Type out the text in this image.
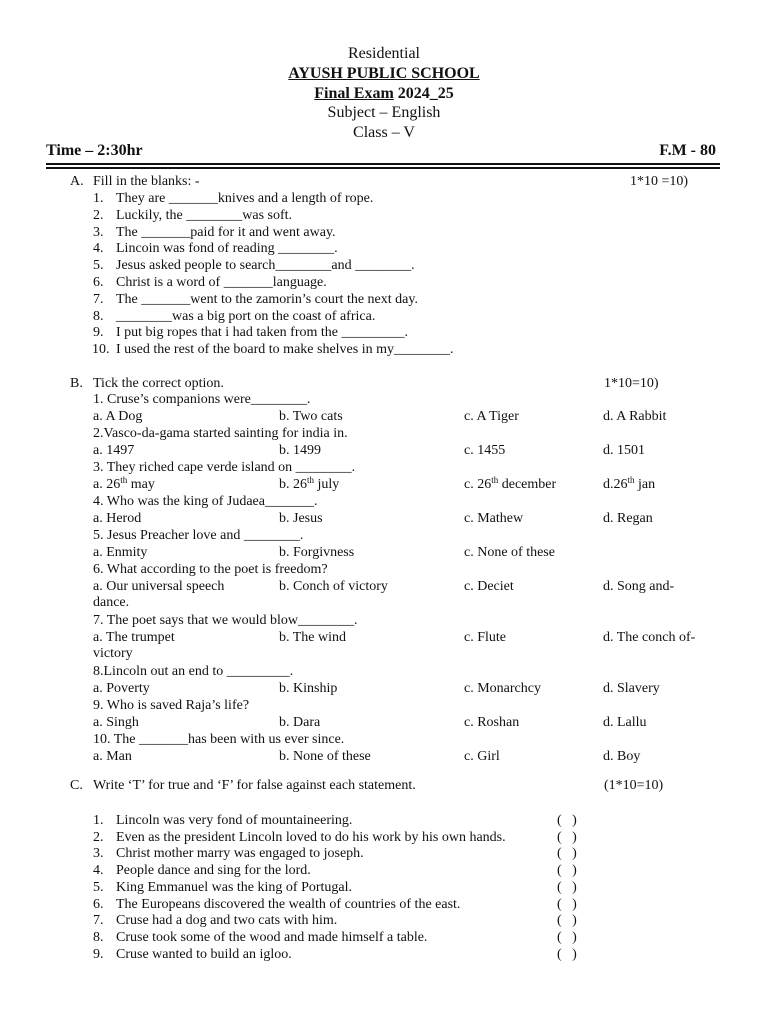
Residential
AYUSH PUBLIC SCHOOL
Final Exam 2024_25
Subject – English
Class – V
Time – 2:30hr	F.M - 80
A. Fill in the blanks: -	1*10 =10)
1. They are _______knives and a length of rope.
2. Luckily, the ________was soft.
3. The _______paid for it and went away.
4. Lincoin was fond of reading ________.
5. Jesus asked people to search________and ________.
6. Christ is a word of _______language.
7. The _______went to the zamorin’s court the next day.
8. ________was a big port on the coast of africa.
9. I put big ropes that i had taken from the _________.
10. I used the rest of the board to make shelves in my________.
B. Tick the correct option.	1*10=10)
1. Cruse’s companions were________.
a. A Dog	b. Two cats	c. A Tiger	d. A Rabbit
2.Vasco-da-gama started sainting for india in.
a. 1497	b. 1499	c. 1455	d. 1501
3. They riched cape verde island on ________.
a. 26th may	b. 26th july	c. 26th december	d.26th jan
4. Who was the king of Judaea_______.
a. Herod	b. Jesus	c. Mathew	d. Regan
5. Jesus Preacher love and ________.
a. Enmity	b. Forgivness	c. None of these
6. What according to the poet is freedom?
a. Our universal speech	b. Conch of victory	c. Deciet	d. Song and-
dance.
7. The poet says that we would blow________.
a. The trumpet	b. The wind	c. Flute	d. The conch of-
victory
8.Lincoln out an end to _________.
a. Poverty	b. Kinship	c. Monarchcy	d. Slavery
9. Who is saved Raja’s life?
a. Singh	b. Dara	c. Roshan	d. Lallu
10. The _______has been with us ever since.
a. Man	b. None of these	c. Girl	d. Boy
C. Write ‘T’ for true and ‘F’ for false against each statement.	(1*10=10)
1. Lincoln was very fond of mountaineering.	(   )
2. Even as the president Lincoln loved to do his work by his own hands.	(   )
3. Christ mother marry was engaged to joseph.	(   )
4. People dance and sing for the lord.	(   )
5. King Emmanuel was the king of Portugal.	(   )
6. The Europeans discovered the wealth of countries of the east.	(   )
7. Cruse had a dog and two cats with him.	(   )
8. Cruse took some of the wood and made himself a table.	(   )
9. Cruse wanted to build an igloo.	(   )
